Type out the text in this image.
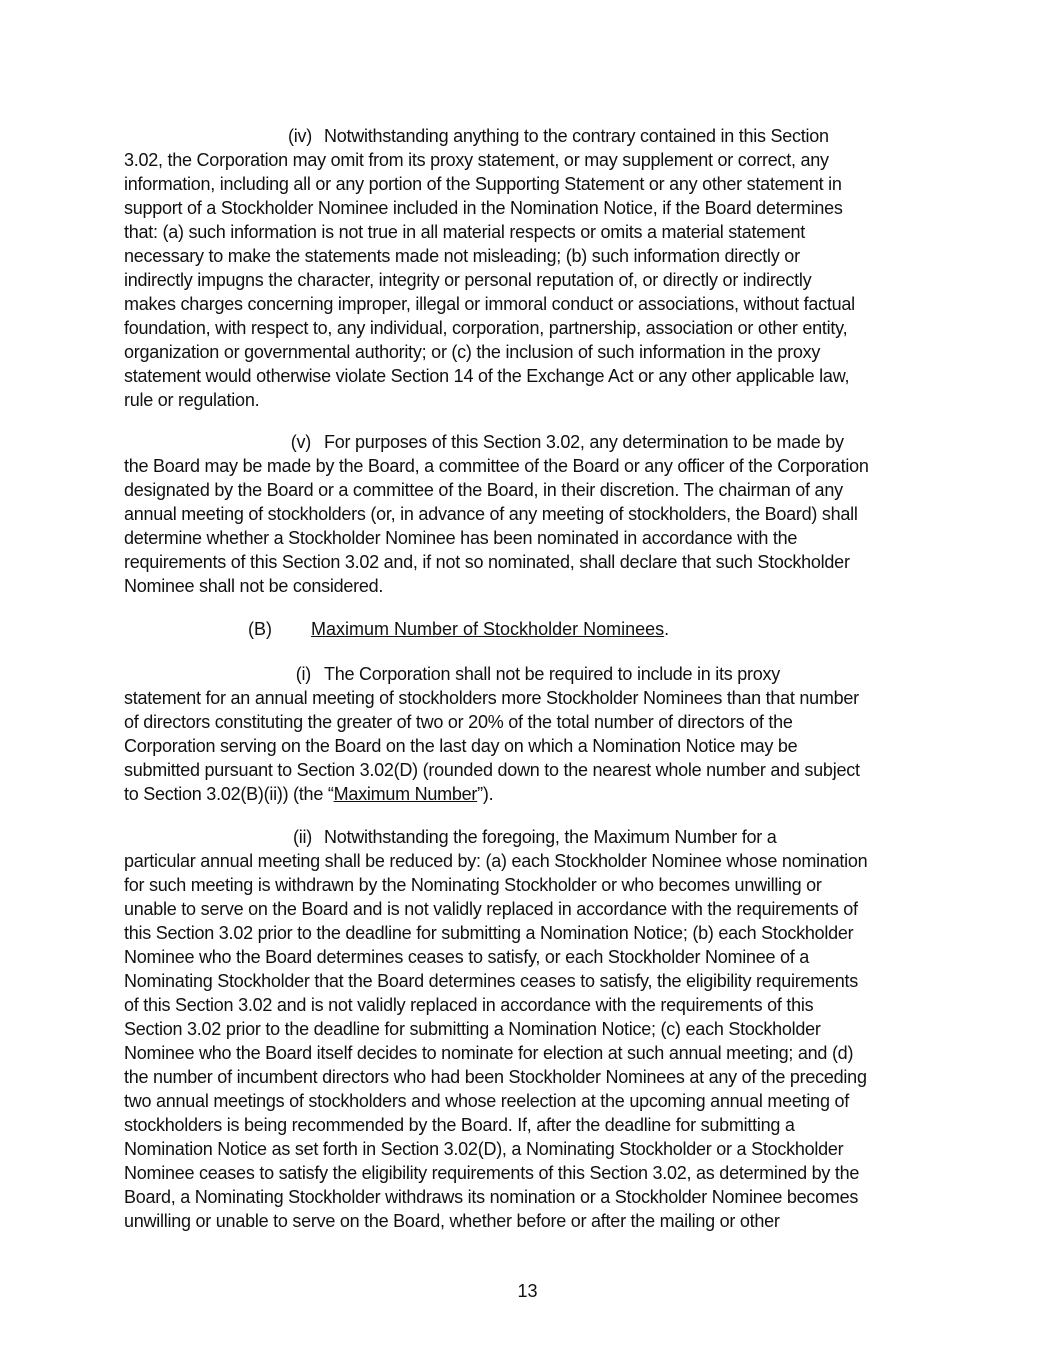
(iv) Notwithstanding anything to the contrary contained in this Section
3.02, the Corporation may omit from its proxy statement, or may supplement or correct, any
information, including all or any portion of the Supporting Statement or any other statement in
support of a Stockholder Nominee included in the Nomination Notice, if the Board determines
that: (a) such information is not true in all material respects or omits a material statement
necessary to make the statements made not misleading; (b) such information directly or
indirectly impugns the character, integrity or personal reputation of, or directly or indirectly
makes charges concerning improper, illegal or immoral conduct or associations, without factual
foundation, with respect to, any individual, corporation, partnership, association or other entity,
organization or governmental authority; or (c) the inclusion of such information in the proxy
statement would otherwise violate Section 14 of the Exchange Act or any other applicable law,
rule or regulation.
(v) For purposes of this Section 3.02, any determination to be made by
the Board may be made by the Board, a committee of the Board or any officer of the Corporation
designated by the Board or a committee of the Board, in their discretion. The chairman of any
annual meeting of stockholders (or, in advance of any meeting of stockholders, the Board) shall
determine whether a Stockholder Nominee has been nominated in accordance with the
requirements of this Section 3.02 and, if not so nominated, shall declare that such Stockholder
Nominee shall not be considered.
(B) Maximum Number of Stockholder Nominees.
(i) The Corporation shall not be required to include in its proxy
statement for an annual meeting of stockholders more Stockholder Nominees than that number
of directors constituting the greater of two or 20% of the total number of directors of the
Corporation serving on the Board on the last day on which a Nomination Notice may be
submitted pursuant to Section 3.02(D) (rounded down to the nearest whole number and subject
to Section 3.02(B)(ii)) (the “Maximum Number”).
(ii) Notwithstanding the foregoing, the Maximum Number for a
particular annual meeting shall be reduced by: (a) each Stockholder Nominee whose nomination
for such meeting is withdrawn by the Nominating Stockholder or who becomes unwilling or
unable to serve on the Board and is not validly replaced in accordance with the requirements of
this Section 3.02 prior to the deadline for submitting a Nomination Notice; (b) each Stockholder
Nominee who the Board determines ceases to satisfy, or each Stockholder Nominee of a
Nominating Stockholder that the Board determines ceases to satisfy, the eligibility requirements
of this Section 3.02 and is not validly replaced in accordance with the requirements of this
Section 3.02 prior to the deadline for submitting a Nomination Notice; (c) each Stockholder
Nominee who the Board itself decides to nominate for election at such annual meeting; and (d)
the number of incumbent directors who had been Stockholder Nominees at any of the preceding
two annual meetings of stockholders and whose reelection at the upcoming annual meeting of
stockholders is being recommended by the Board. If, after the deadline for submitting a
Nomination Notice as set forth in Section 3.02(D), a Nominating Stockholder or a Stockholder
Nominee ceases to satisfy the eligibility requirements of this Section 3.02, as determined by the
Board, a Nominating Stockholder withdraws its nomination or a Stockholder Nominee becomes
unwilling or unable to serve on the Board, whether before or after the mailing or other
13
